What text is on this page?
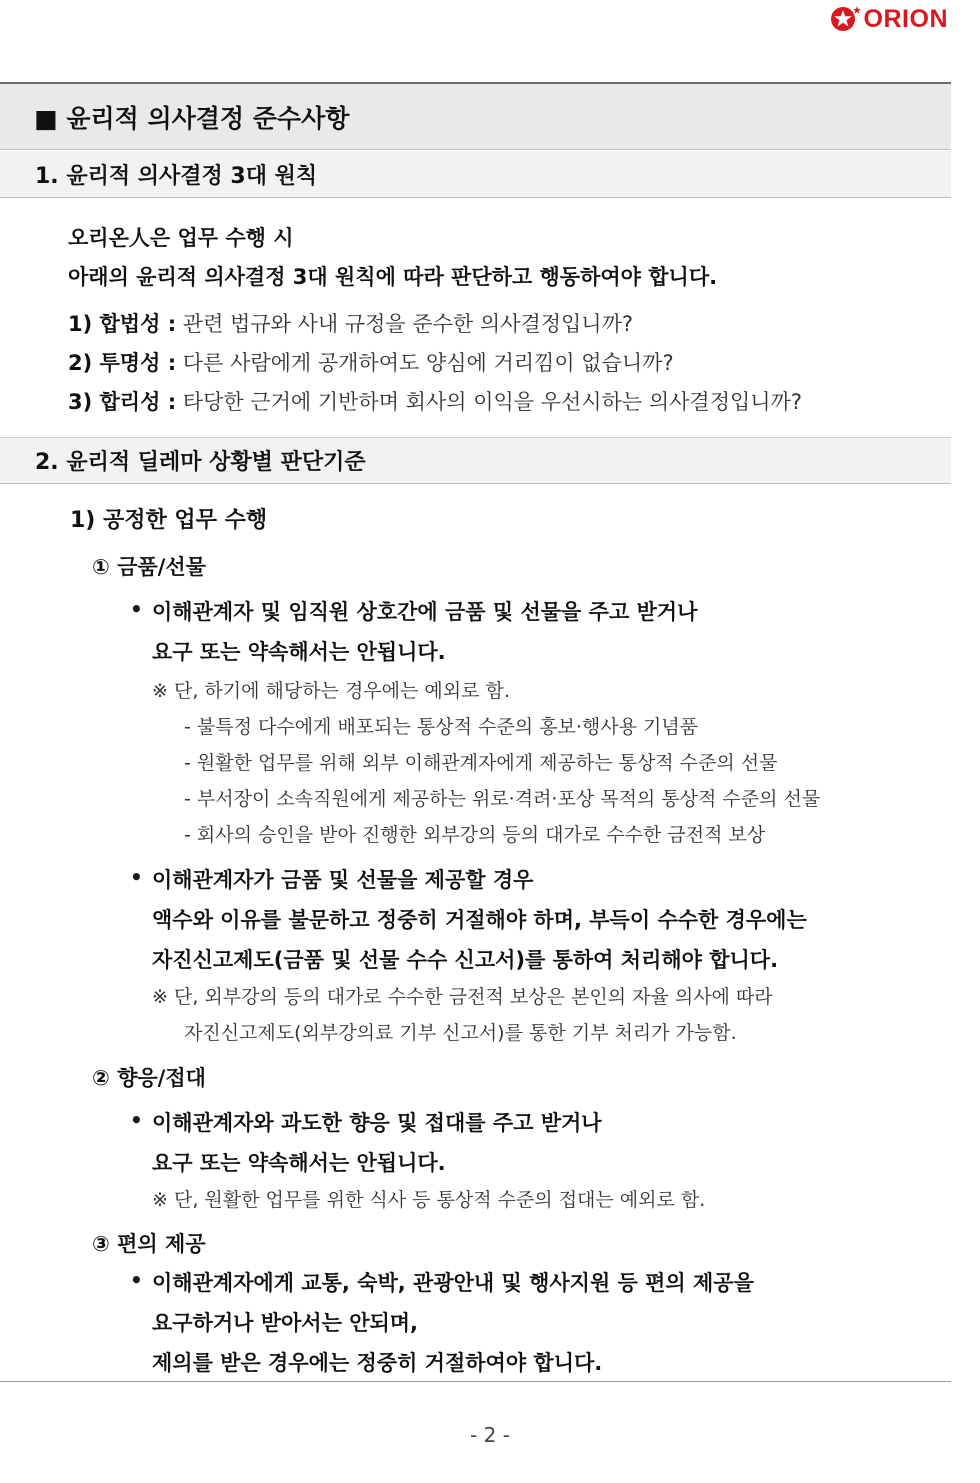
ORION
■ 윤리적 의사결정 준수사항
1. 윤리적 의사결정 3대 원칙
오리온人은 업무 수행 시
아래의 윤리적 의사결정 3대 원칙에 따라 판단하고 행동하여야 합니다.
1) 합법성 : 관련 법규와 사내 규정을 준수한 의사결정입니까?
2) 투명성 : 다른 사람에게 공개하여도 양심에 거리낌이 없습니까?
3) 합리성 : 타당한 근거에 기반하며 회사의 이익을 우선시하는 의사결정입니까?
2. 윤리적 딜레마 상황별 판단기준
1) 공정한 업무 수행
① 금품/선물
• 이해관계자 및 임직원 상호간에 금품 및 선물을 주고 받거나
요구 또는 약속해서는 안됩니다.
※ 단, 하기에 해당하는 경우에는 예외로 함.
- 불특정 다수에게 배포되는 통상적 수준의 홍보·행사용 기념품
- 원활한 업무를 위해 외부 이해관계자에게 제공하는 통상적 수준의 선물
- 부서장이 소속직원에게 제공하는 위로·격려·포상 목적의 통상적 수준의 선물
- 회사의 승인을 받아 진행한 외부강의 등의 대가로 수수한 금전적 보상
• 이해관계자가 금품 및 선물을 제공할 경우
액수와 이유를 불문하고 정중히 거절해야 하며, 부득이 수수한 경우에는
자진신고제도(금품 및 선물 수수 신고서)를 통하여 처리해야 합니다.
※ 단, 외부강의 등의 대가로 수수한 금전적 보상은 본인의 자율 의사에 따라
자진신고제도(외부강의료 기부 신고서)를 통한 기부 처리가 가능함.
② 향응/접대
• 이해관계자와 과도한 향응 및 접대를 주고 받거나
요구 또는 약속해서는 안됩니다.
※ 단, 원활한 업무를 위한 식사 등 통상적 수준의 접대는 예외로 함.
③ 편의 제공
• 이해관계자에게 교통, 숙박, 관광안내 및 행사지원 등 편의 제공을
요구하거나 받아서는 안되며,
제의를 받은 경우에는 정중히 거절하여야 합니다.
- 2 -
